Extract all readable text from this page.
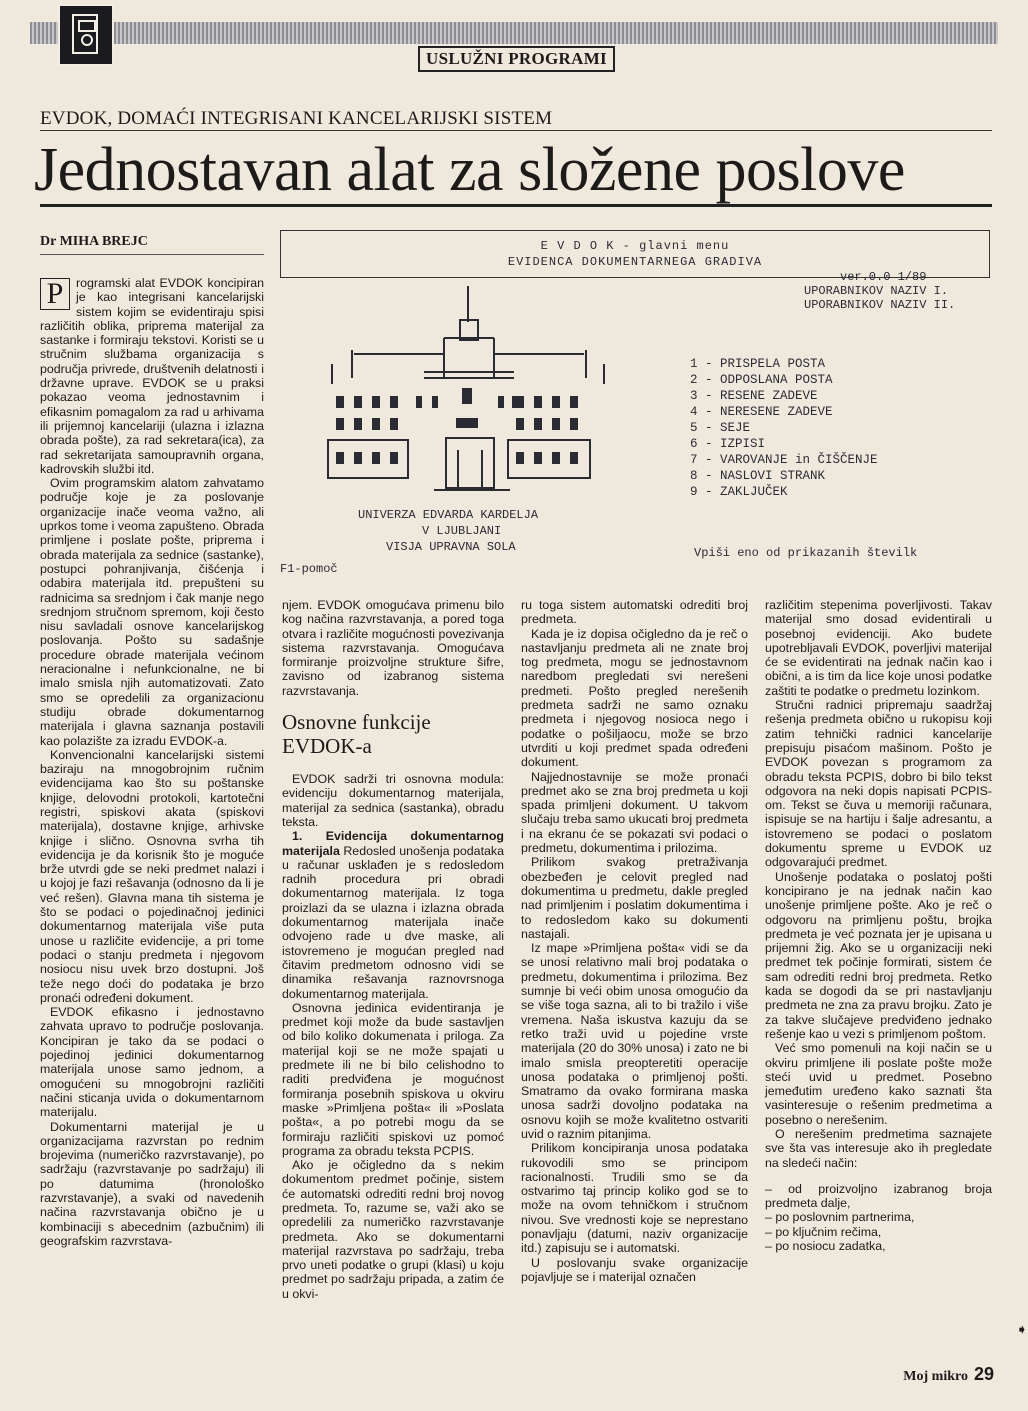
USLUŽNI PROGRAMI
EVDOK, DOMAĆI INTEGRISANI KANCELARIJSKI SISTEM
Jednostavan alat za složene poslove
Dr MIHA BREJC

P	rogramski alat EVDOK koncipiran je kao integrisani kancelarijski sistem kojim se evidentiraju spisi različitih oblika, priprema materijal za sastanke i formiraju tekstovi. Koristi se u stručnim službama organizacija s područja privrede, društvenih delatnosti i državne uprave. EVDOK se u praksi pokazao veoma jednostavnim i efikasnim pomagalom za rad u arhivama ili prijemnoj kancelariji (ulazna i izlazna obrada pošte), za rad sekretara(ica), za rad sekretarijata samoupravnih organa, kadrovskih službi itd.

Ovim programskim alatom zahvatamo područje koje je za poslovanje organizacije inače veoma važno, ali uprkos tome i veoma zapušteno. Obrada primljene i poslate pošte, priprema i obrada materijala za sednice (sastanke), postupci pohranjivanja, čišćenja i odabira materijala itd. prepušteni su radnicima sa srednjom i čak manje nego srednjom stručnom spremom, koji često nisu savladali osnove kancelarijskog poslovanja. Pošto su sadašnje procedure obrade materijala većinom neracionalne i nefunkcionalne, ne bi imalo smisla njih automatizovati. Zato smo se opredelili za organizacionu studiju obrade dokumentarnog materijala i glavna saznanja postavili kao polazište za izradu EVDOK-a.

Konvencionalni kancelarijski sistemi baziraju na mnogobrojnim ručnim evidencijama kao što su poštanske knjige, delovodni protokoli, kartotečni registri, spiskovi akata (spiskovi materijala), dostavne knjige, arhivske knjige i slično. Osnovna svrha tih evidencija je da korisnik što je moguće brže utvrdi gde se neki predmet nalazi i u kojoj je fazi rešavanja (odnosno da li je već rešen). Glavna mana tih sistema je što se podaci o pojedinačnoj jedinici dokumentarnog materijala više puta unose u različite evidencije, a pri tome podaci o stanju predmeta i njegovom nosiocu nisu uvek brzo dostupni. Još teže nego doći do podataka je brzo pronaći određeni dokument.

EVDOK efikasno i jednostavno zahvata upravo to područje poslovanja. Koncipiran je tako da se podaci o pojedinoj jedinici dokumentarnog materijala unose samo jednom, a omogućeni su mnogobrojni različiti načini sticanja uvida o dokumentarnom materijalu.

Dokumentarni materijal je u organizacijama razvrstan po rednim brojevima (numeričko razvrstavanje), po sadržaju (razvrstavanje po sadržaju) ili po datumima (hronološko razvrstavanje), a svaki od navedenih načina razvrstavanja obično je u kombinaciji s abecednim (azbučnim) ili geografskim razvrstava-

E V D O K - glavni menu
EVIDENCA DOKUMENTARNEGA GRADIVA
ver.0.0 1/89
UPORABNIKOV NAZIV I.
UPORABNIKOV NAZIV II.
1 - PRISPELA POSTA
2 - ODPOSLANA POSTA
3 - RESENE ZADEVE
4 - NERESENE ZADEVE
5 - SEJE
6 - IZPISI
7 - VAROVANJE in ČIŠČENJE
8 - NASLOVI STRANK
9 - ZAKLJUČEK
UNIVERZA EDVARDA KARDELJA
V LJUBLJANI
VISJA UPRAVNA SOLA
F1-pomoč
Vpiši eno od prikazanih številk

njem. EVDOK omogućava primenu bilo kog načina razvrstavanja, a pored toga otvara i različite mogućnosti povezivanja sistema razvrstavanja. Omogućava formiranje proizvoljne strukture šifre, zavisno od izabranog sistema razvrstavanja.

Osnovne funkcije
EVDOK-a

EVDOK sadrži tri osnovna modula: evidenciju dokumentarnog materijala, materijal za sednica (sastanka), obradu teksta.

1. Evidencija dokumentarnog materijala Redosled unošenja podataka u računar usklađen je s redosledom radnih procedura pri obradi dokumentarnog materijala. Iz toga proizlazi da se ulazna i izlazna obrada dokumentarnog materijala inače odvojeno rade u dve maske, ali istovremeno je mogućan pregled nad čitavim predmetom odnosno vidi se dinamika rešavanja raznovrsnoga dokumentarnog materijala.

Osnovna jedinica evidentiranja je predmet koji može da bude sastavljen od bilo koliko dokumenata i priloga. Za materijal koji se ne može spajati u predmete ili ne bi bilo celishodno to raditi predviđena je mogućnost formiranja posebnih spiskova u okviru maske »Primljena pošta« ili »Poslata pošta«, a po potrebi mogu da se formiraju različiti spiskovi uz pomoć programa za obradu teksta PCPIS.

Ako je očigledno da s nekim dokumentom predmet počinje, sistem će automatski odrediti redni broj novog predmeta. To, razume se, važi ako se opredelili za numeričko razvrstavanje predmeta. Ako se dokumentarni materijal razvrstava po sadržaju, treba prvo uneti podatke o grupi (klasi) u koju predmet po sadržaju pripada, a zatim će u okvi-

ru toga sistem automatski odrediti broj predmeta.

Kada je iz dopisa očigledno da je reč o nastavljanju predmeta ali ne znate broj tog predmeta, mogu se jednostavnom naredbom pregledati svi nerešeni predmeti. Pošto pregled nerešenih predmeta sadrži ne samo oznaku predmeta i njegovog nosioca nego i podatke o pošiljaocu, može se brzo utvrditi u koji predmet spada određeni dokument.

Najjednostavnije se može pronaći predmet ako se zna broj predmeta u koji spada primljeni dokument. U takvom slučaju treba samo ukucati broj predmeta i na ekranu će se pokazati svi podaci o predmetu, dokumentima i prilozima.

Prilikom svakog pretraživanja obezbeđen je celovit pregled nad dokumentima u predmetu, dakle pregled nad primljenim i poslatim dokumentima i to redosledom kako su dokumenti nastajali.

Iz mape »Primljena pošta« vidi se da se unosi relativno mali broj podataka o predmetu, dokumentima i prilozima. Bez sumnje bi veći obim unosa omogućio da se više toga sazna, ali to bi tražilo i više vremena. Naša iskustva kazuju da se retko traži uvid u pojedine vrste materijala (20 do 30% unosa) i zato ne bi imalo smisla preopteretiti operacije unosa podataka o primljenoj pošti. Smatramo da ovako formirana maska unosa sadrži dovoljno podataka na osnovu kojih se može kvalitetno ostvariti uvid o raznim pitanjima.

Prilikom koncipiranja unosa podataka rukovodili smo se principom racionalnosti. Trudili smo se da ostvarimo taj princip koliko god se to može na ovom tehničkom i stručnom nivou. Sve vrednosti koje se neprestano ponavljaju (datumi, naziv organizacije itd.) zapisuju se i automatski.

U poslovanju svake organizacije pojavljuje se i materijal označen

različitim stepenima poverljivosti. Takav materijal smo dosad evidentirali u posebnoj evidenciji. Ako budete upotrebljavali EVDOK, poverljivi materijal će se evidentirati na jednak način kao i obični, a is tim da lice koje unosi podatke zaštiti te podatke o predmetu lozinkom.

Stručni radnici pripremaju saadržaj rešenja predmeta obično u rukopisu koji zatim tehnički radnici kancelarije prepisuju pisaćom mašinom. Pošto je EVDOK povezan s programom za obradu teksta PCPIS, dobro bi bilo tekst odgovora na neki dopis napisati PCPIS-om. Tekst se čuva u memoriji računara, ispisuje se na hartiju i šalje adresantu, a istovremeno se podaci o poslatom dokumentu spreme u EVDOK uz odgovarajući predmet.

Unošenje podataka o poslatoj pošti koncipirano je na jednak način kao unošenje primljene pošte. Ako je reč o odgovoru na primljenu poštu, brojka predmeta je već poznata jer je upisana u prijemni žig. Ako se u organizaciji neki predmet tek počinje formirati, sistem će sam odrediti redni broj predmeta. Retko kada se dogodi da se pri nastavljanju predmeta ne zna za pravu brojku. Zato je za takve slučajeve predviđeno jednako rešenje kao u vezi s primljenom poštom.

Već smo pomenuli na koji način se u okviru primljene ili poslate pošte može steći uvid u predmet. Posebno jemeđutim uređeno kako saznati šta vasinteresuje o rešenim predmetima a posebno o nerešenim.

O nerešenim predmetima saznajete sve šta vas interesuje ako ih pregledate na sledeći način:

– od proizvoljno izabranog broja predmeta dalje,

– po poslovnim partnerima,

– po ključnim rečima,

– po nosiocu zadatka,

➧
Moj mikro 29
